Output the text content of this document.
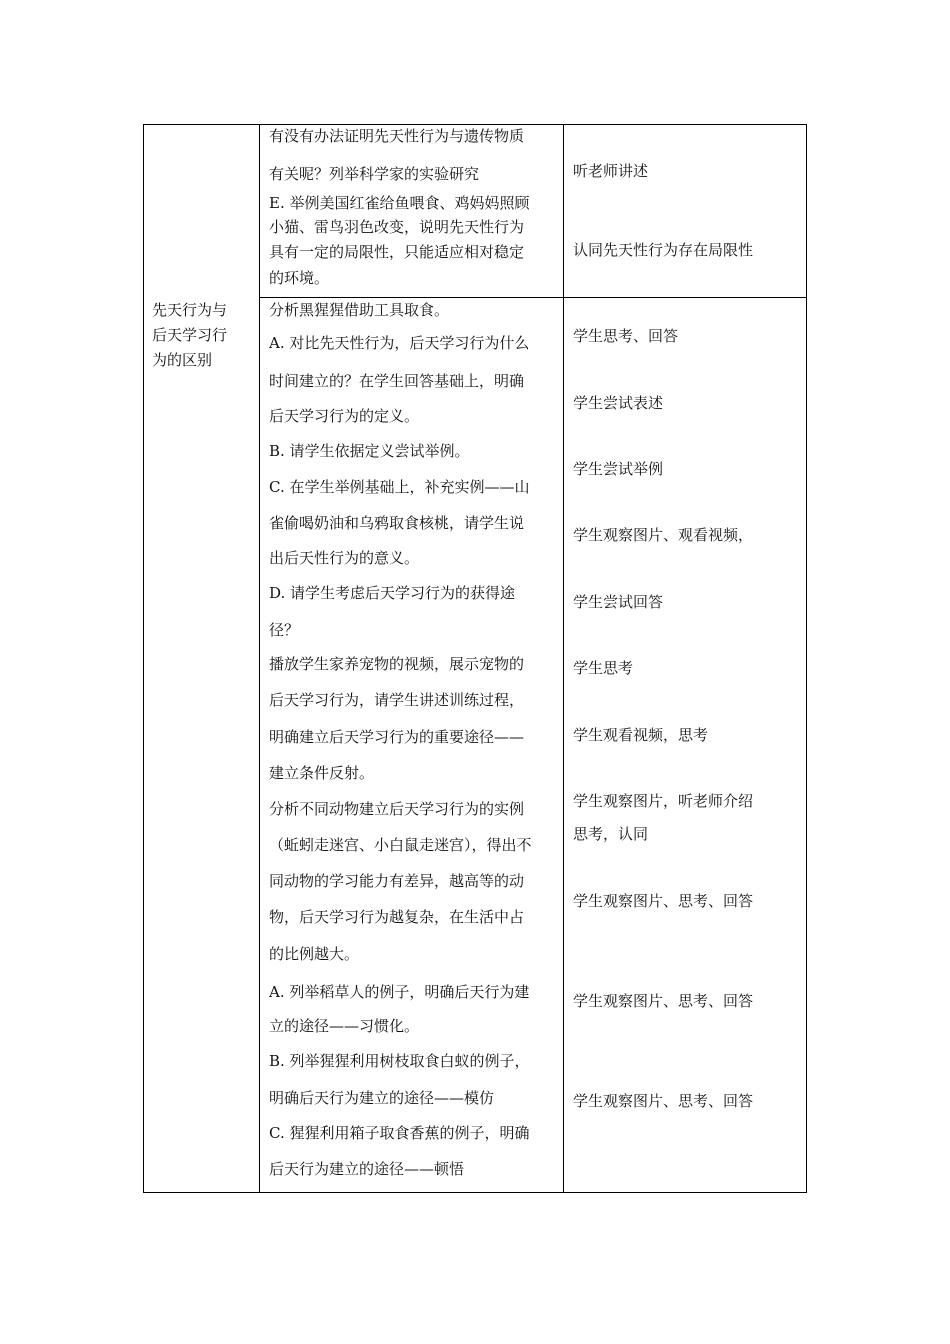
先天行为与
后天学习行
为的区别
有没有办法证明先天性行为与遗传物质
有关呢？列举科学家的实验研究
E. 举例美国红雀给鱼喂食、鸡妈妈照顾
小猫、雷鸟羽色改变，说明先天性行为
具有一定的局限性，只能适应相对稳定
的环境。
听老师讲述
认同先天性行为存在局限性
分析黑猩猩借助工具取食。
A. 对比先天性行为，后天学习行为什么
时间建立的？在学生回答基础上，明确
后天学习行为的定义。
B. 请学生依据定义尝试举例。
C. 在学生举例基础上，补充实例——山
雀偷喝奶油和乌鸦取食核桃，请学生说
出后天性行为的意义。
D. 请学生考虑后天学习行为的获得途
径？
播放学生家养宠物的视频，展示宠物的
后天学习行为，请学生讲述训练过程，
明确建立后天学习行为的重要途径——
建立条件反射。
分析不同动物建立后天学习行为的实例
（蚯蚓走迷宫、小白鼠走迷宫），得出不
同动物的学习能力有差异，越高等的动
物，后天学习行为越复杂，在生活中占
的比例越大。
A. 列举稻草人的例子，明确后天行为建
立的途径——习惯化。
B. 列举猩猩利用树枝取食白蚁的例子，
明确后天行为建立的途径——模仿
C. 猩猩利用箱子取食香蕉的例子，明确
后天行为建立的途径——顿悟
学生思考、回答
学生尝试表述
学生尝试举例
学生观察图片、观看视频，
学生尝试回答
学生思考
学生观看视频，思考
学生观察图片，听老师介绍
思考，认同
学生观察图片、思考、回答
学生观察图片、思考、回答
学生观察图片、思考、回答
